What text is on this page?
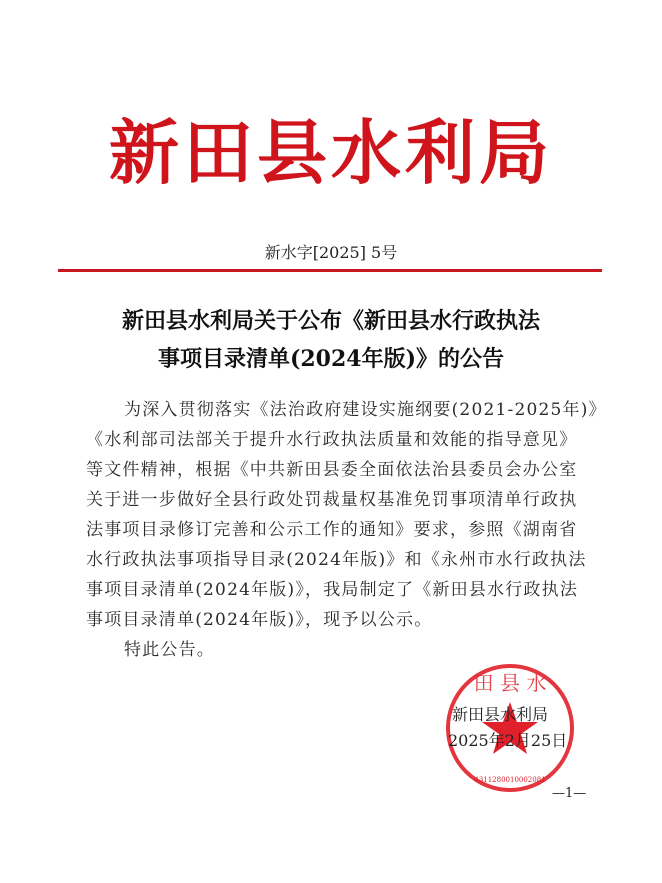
新田县水利局
新水字[2025] 5号
新田县水利局关于公布《新田县水行政执法
事项目录清单(2024年版)》的公告
为深入贯彻落实《法治政府建设实施纲要(2021-2025年)》
《水利部司法部关于提升水行政执法质量和效能的指导意见》
等文件精神，根据《中共新田县委全面依法治县委员会办公室
关于进一步做好全县行政处罚裁量权基准免罚事项清单行政执
法事项目录修订完善和公示工作的通知》要求，参照《湖南省
水行政执法事项指导目录(2024年版)》和《永州市水行政执法
事项目录清单(2024年版)》，我局制定了《新田县水行政执法
事项目录清单(2024年版)》，现予以公示。
特此公告。
田 县 水
4311280010002081
新田县水利局
2025年2月25日
—1—
